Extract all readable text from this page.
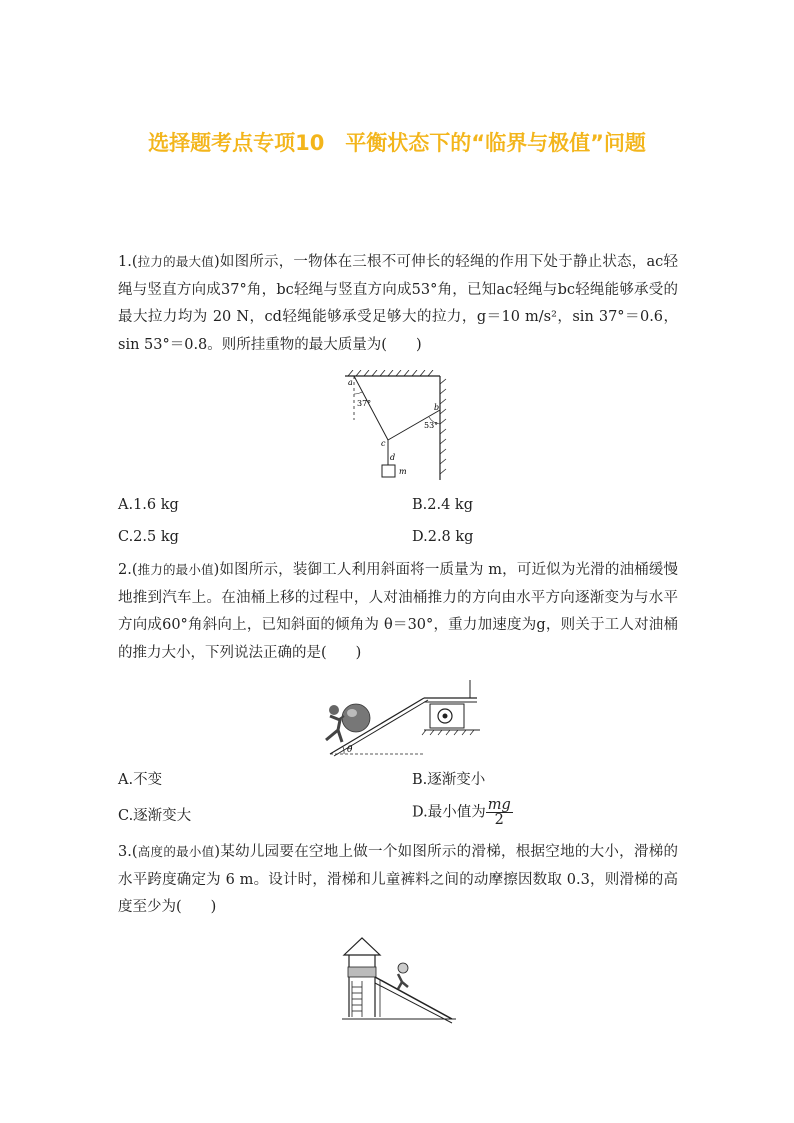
选择题考点专项10　平衡状态下的“临界与极值”问题
1.(拉力的最大值)如图所示，一物体在三根不可伸长的轻绳的作用下处于静止状态，ac轻绳与竖直方向成37°角，bc轻绳与竖直方向成53°角，已知ac轻绳与bc轻绳能够承受的最大拉力均为 20 N，cd轻绳能够承受足够大的拉力，g＝10 m/s²，sin 37°＝0.6，sin 53°＝0.8。则所挂重物的最大质量为(　　)
a
37°	b
53°
c
d
m
A.1.6 kg	B.2.4 kg
C.2.5 kg	D.2.8 kg
2.(推力的最小值)如图所示，装御工人利用斜面将一质量为 m，可近似为光滑的油桶缓慢地推到汽车上。在油桶上移的过程中，人对油桶推力的方向由水平方向逐渐变为与水平方向成60°角斜向上，已知斜面的倾角为 θ＝30°，重力加速度为g，则关于工人对油桶的推力大小，下列说法正确的是(　　)
θ
A.不变	B.逐渐变小
C.逐渐变大	D.最小值为 $\frac{mg}{2}$
3.(高度的最小值)某幼儿园要在空地上做一个如图所示的滑梯，根据空地的大小，滑梯的水平跨度确定为 6 m。设计时，滑梯和儿童裤料之间的动摩擦因数取 0.3，则滑梯的高度至少为(　　)
